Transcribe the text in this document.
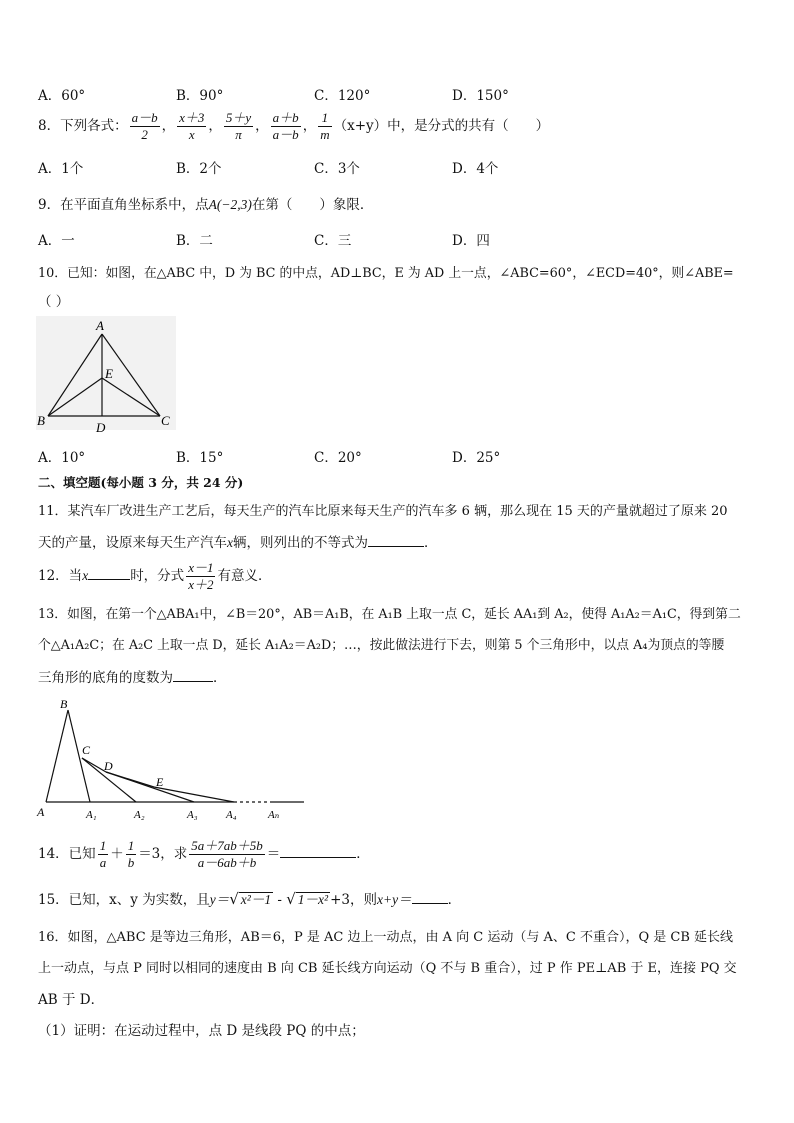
A．60°	B．90°	C．120°	D．150°
8．下列各式： $\frac{a-b}{2}$ ， $\frac{x+3}{x}$ ， $\frac{5+y}{\pi}$ ， $\frac{a+b}{a-b}$ ， $\frac{1}{m} (x+y)$中，是分式的共有（　　）
A．1个	B．2个	C．3个	D．4个
9．在平面直角坐标系中，点A(−2,3)在第（　　）象限．
A．一	B．二	C．三	D．四
10．已知：如图，在△ABC 中，D 为 BC 的中点，AD⊥BC，E 为 AD 上一点，∠ABC=60°，∠ECD=40°，则∠ABE=
（ ）
A
B	C
D
E
A．10°	B．15°	C．20°	D．25°
二、填空题(每小题 3 分，共 24 分)
11．某汽车厂改进生产工艺后，每天生产的汽车比原来每天生产的汽车多 6 辆，那么现在 15 天的产量就超过了原来 20
天的产量，设原来每天生产汽车x辆，则列出的不等式为	．
12．当x	时，分式 $\frac{x-1}{x+2}$ 有意义．
13．如图，在第一个△ABA₁中，∠B＝20°，AB＝A₁B，在 A₁B 上取一点 C，延长 AA₁到 A₂，使得 A₁A₂＝A₁C，得到第二
个△A₁A₂C；在 A₂C 上取一点 D，延长 A₁A₂＝A₂D；…，按此做法进行下去，则第 5 个三角形中，以点 A₄为顶点的等腰
三角形的底角的度数为	．
B
C
D
E
A	A₁	A₂	A₃	A₄	Aₙ
14．已知 $\frac{1}{a} + \frac{1}{b} =3$，求 $\frac{5a+7ab+5b}{a-6ab+b}$ ＝	．
15．已知，x、y 为实数，且y＝√ x²－1 - √ 1－x² +3，则x+y＝	．
16．如图，△ABC 是等边三角形，AB＝6，P 是 AC 边上一动点，由 A 向 C 运动（与 A、C 不重合），Q 是 CB 延长线
上一动点，与点 P 同时以相同的速度由 B 向 CB 延长线方向运动（Q 不与 B 重合），过 P 作 PE⊥AB 于 E，连接 PQ 交
AB 于 D．
（1）证明：在运动过程中，点 D 是线段 PQ 的中点；
